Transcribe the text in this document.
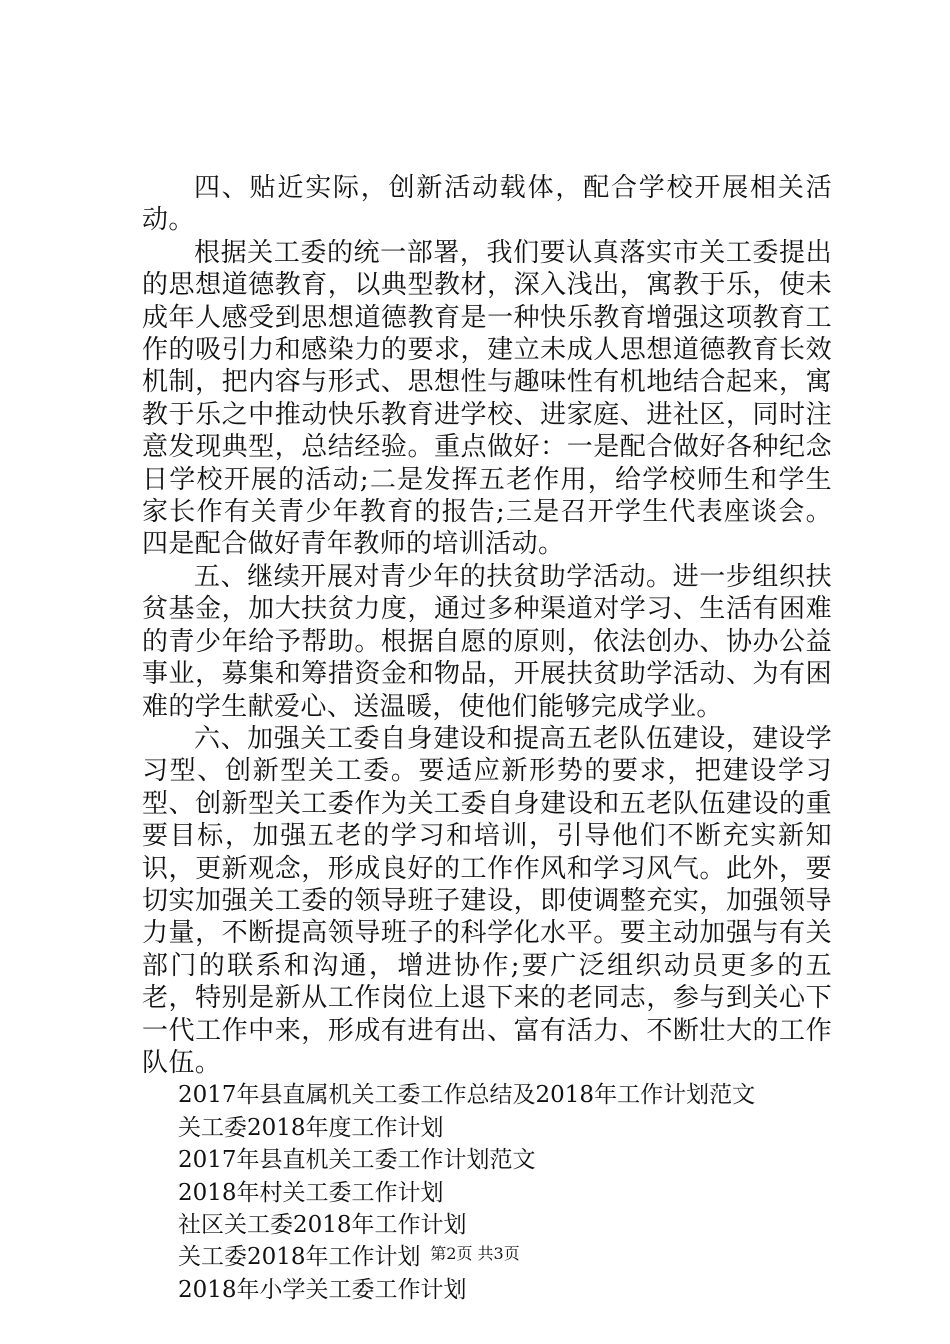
四、贴近实际，创新活动载体，配合学校开展相关活动。

根据关工委的统一部署，我们要认真落实市关工委提出的思想道德教育，以典型教材，深入浅出，寓教于乐，使未成年人感受到思想道德教育是一种快乐教育增强这项教育工作的吸引力和感染力的要求，建立未成人思想道德教育长效机制，把内容与形式、思想性与趣味性有机地结合起来，寓教于乐之中推动快乐教育进学校、进家庭、进社区，同时注意发现典型，总结经验。重点做好：一是配合做好各种纪念日学校开展的活动;二是发挥五老作用，给学校师生和学生家长作有关青少年教育的报告;三是召开学生代表座谈会。四是配合做好青年教师的培训活动。

五、继续开展对青少年的扶贫助学活动。进一步组织扶贫基金，加大扶贫力度，通过多种渠道对学习、生活有困难的青少年给予帮助。根据自愿的原则，依法创办、协办公益事业，募集和筹措资金和物品，开展扶贫助学活动、为有困难的学生献爱心、送温暖，使他们能够完成学业。

六、加强关工委自身建设和提高五老队伍建设，建设学习型、创新型关工委。要适应新形势的要求，把建设学习型、创新型关工委作为关工委自身建设和五老队伍建设的重要目标，加强五老的学习和培训，引导他们不断充实新知识，更新观念，形成良好的工作作风和学习风气。此外，要切实加强关工委的领导班子建设，即使调整充实，加强领导力量，不断提高领导班子的科学化水平。要主动加强与有关部门的联系和沟通，增进协作;要广泛组织动员更多的五老，特别是新从工作岗位上退下来的老同志，参与到关心下一代工作中来，形成有进有出、富有活力、不断壮大的工作队伍。

2017年县直属机关工委工作总结及2018年工作计划范文
关工委2018年度工作计划
2017年县直机关工委工作计划范文
2018年村关工委工作计划
社区关工委2018年工作计划
关工委2018年工作计划
2018年小学关工委工作计划
第2页 共3页
